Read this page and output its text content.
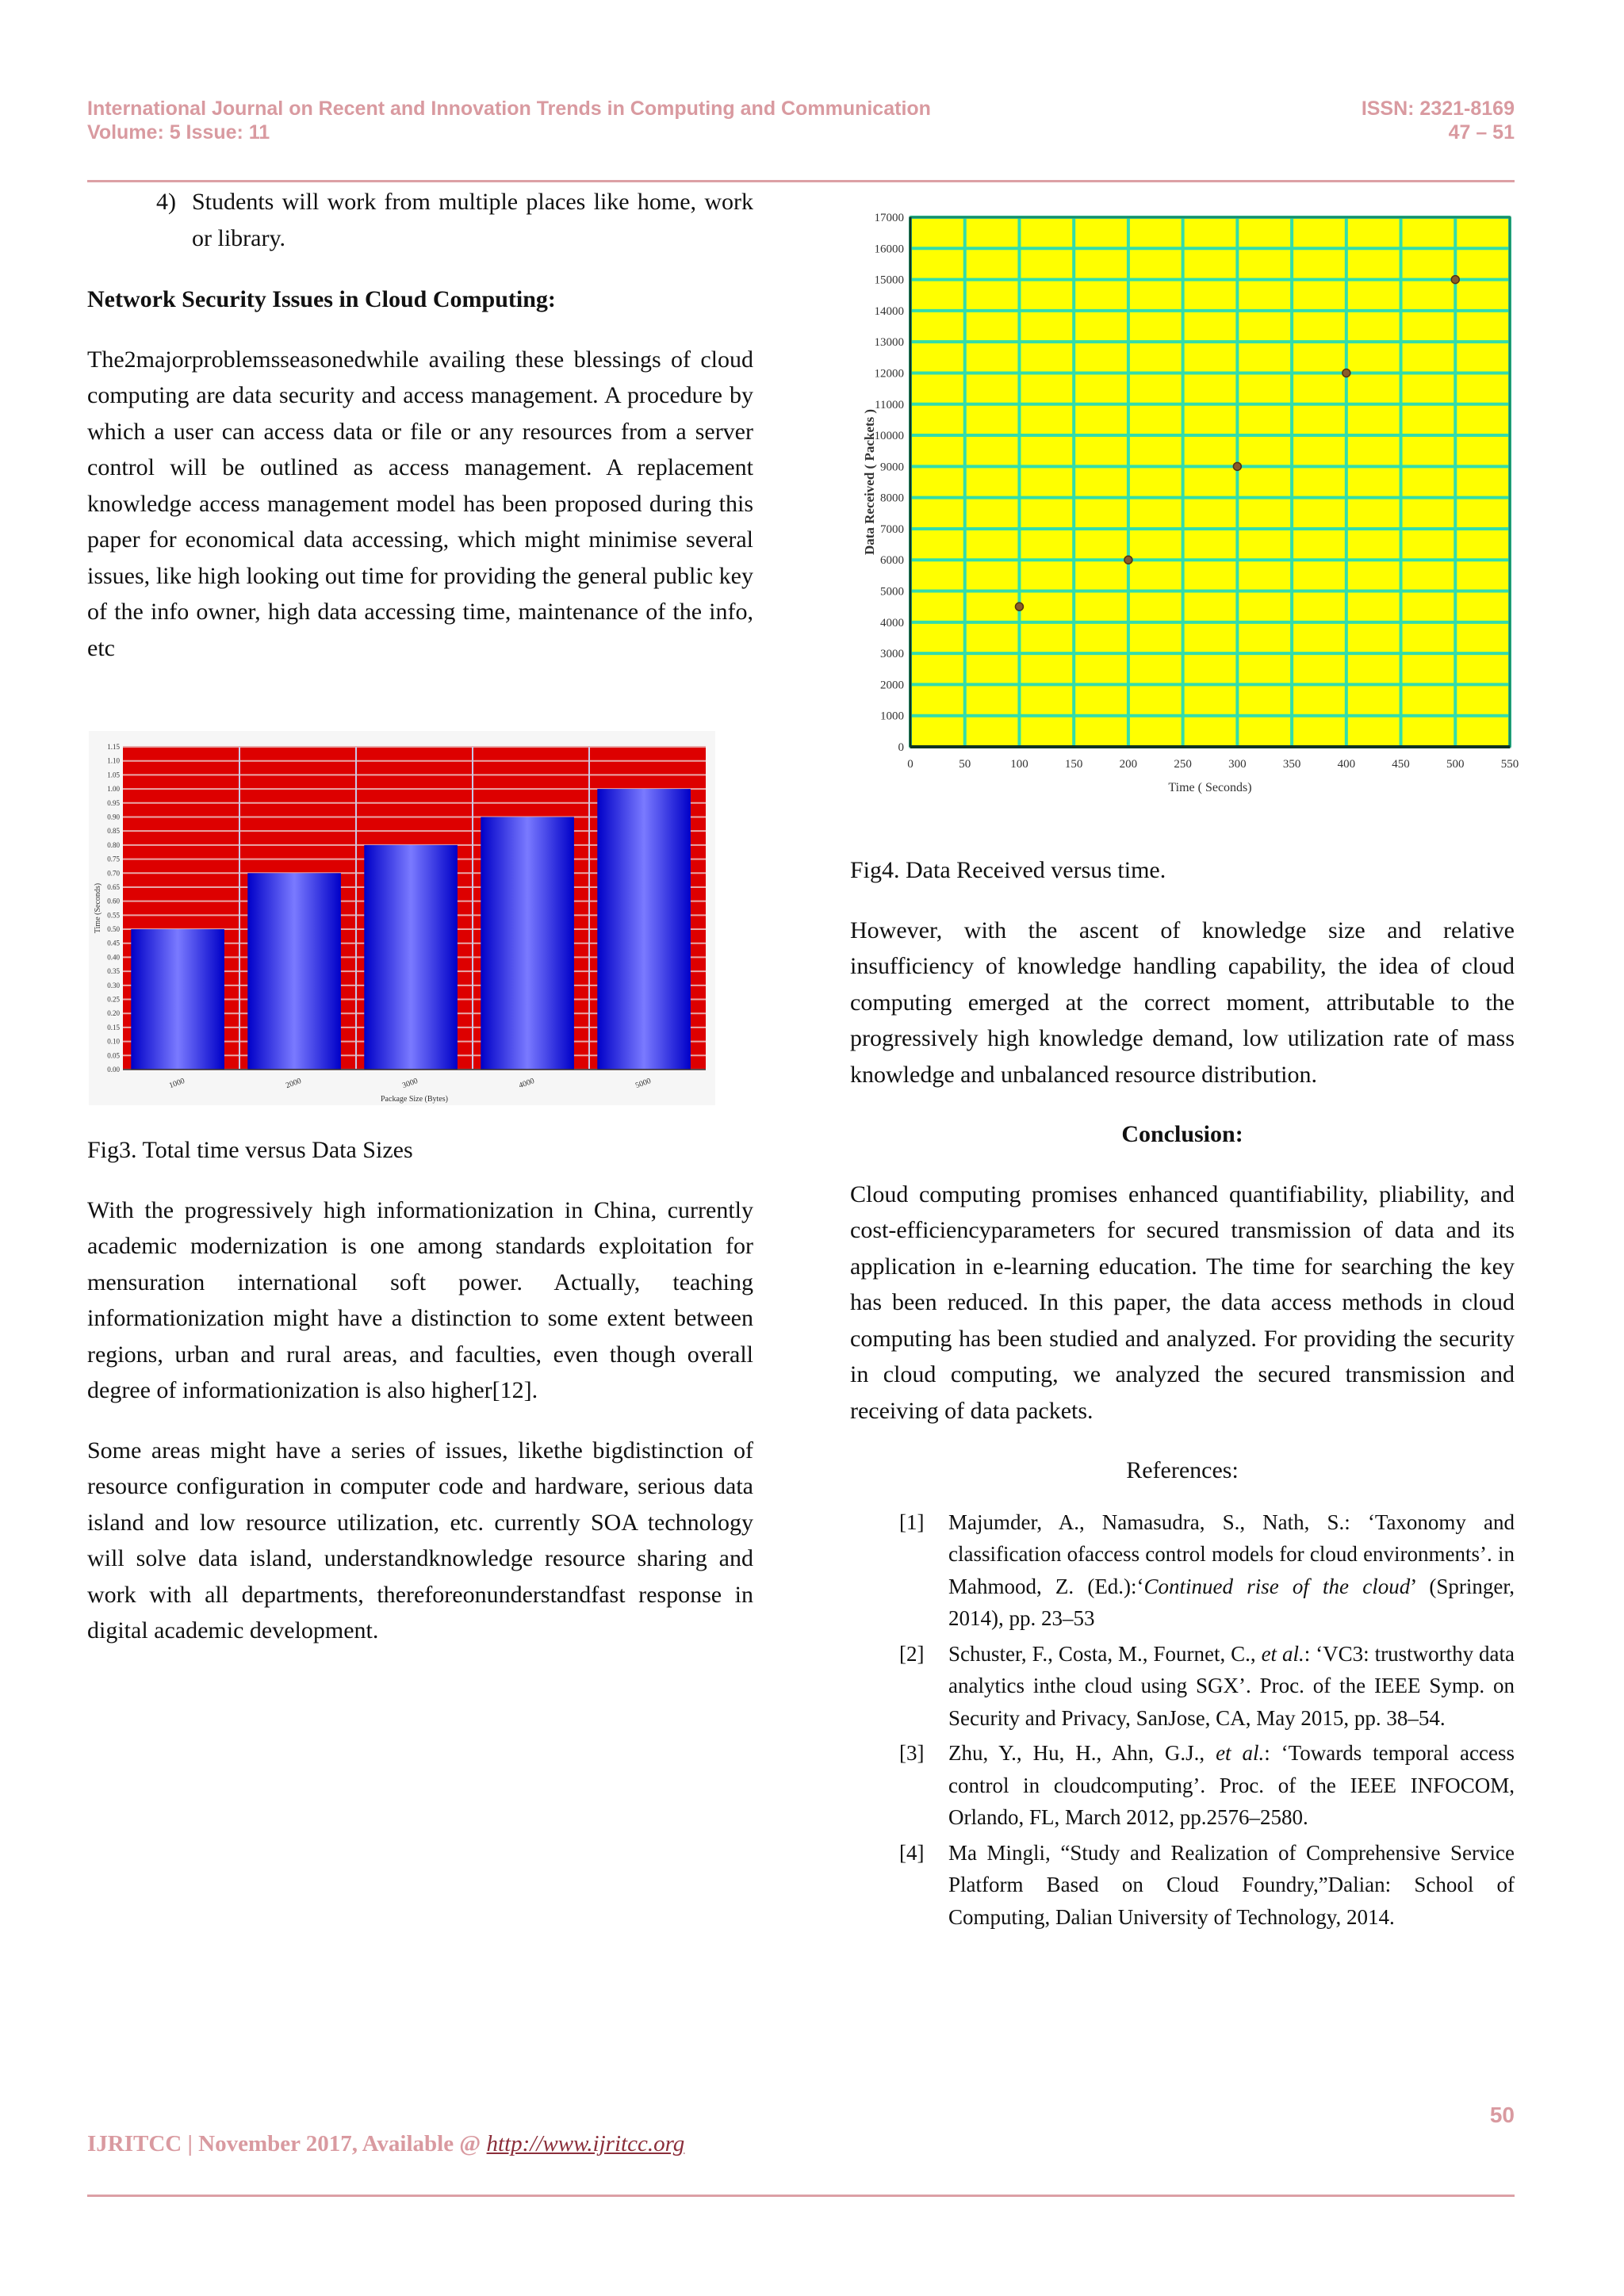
International Journal on Recent and Innovation Trends in Computing and Communication
Volume: 5 Issue: 11
ISSN: 2321-8169
47 – 51
4) Students will work from multiple places like home, work or library.

Network Security Issues in Cloud Computing:

The2majorproblemsseasonedwhile availing these blessings of cloud computing are data security and access management. A procedure by which a user can access data or file or any resources from a server control will be outlined as access management. A replacement knowledge access management model has been proposed during this paper for economical data accessing, which might minimise several issues, like high looking out time for providing the general public key of the info owner, high data accessing time, maintenance of the info, etc

0.00
0.05
0.10
0.15
0.20
0.25
0.30
0.35
0.40
0.45
0.50
0.55
0.60
0.65
0.70
0.75
0.80
0.85
0.90
0.95
1.00
1.05
1.10
1.15
1000	2000	3000	4000	5000
Package Size (Bytes)
Time (Seconds)

Fig3. Total time versus Data Sizes

With the progressively high informationization in China, currently academic modernization is one among standards exploitation for mensuration international soft power. Actually, teaching informationization might have a distinction to some extent between regions, urban and rural areas, and faculties, even though overall degree of informationization is also higher[12].

Some areas might have a series of issues, likethe bigdistinction of resource configuration in computer code and hardware, serious data island and low resource utilization, etc. currently SOA technology will solve data island, understandknowledge resource sharing and work with all departments, thereforeonunderstandfast response in digital academic development.

0
1000
2000
3000
4000
5000
6000
7000
8000
9000
10000
11000
12000
13000
14000
15000
16000
17000
0	50	100	150	200	250	300	350	400	450	500	550
Time ( Seconds)
Data Received ( Packets )

Fig4. Data Received versus time.

However, with the ascent of knowledge size and relative insufficiency of knowledge handling capability, the idea of cloud computing emerged at the correct moment, attributable to the progressively high knowledge demand, low utilization rate of mass knowledge and unbalanced resource distribution.

Conclusion:

Cloud computing promises enhanced quantifiability, pliability, and cost-efficiencyparameters for secured transmission of data and its application in e-learning education. The time for searching the key has been reduced. In this paper, the data access methods in cloud computing has been studied and analyzed. For providing the security in cloud computing, we analyzed the secured transmission and receiving of data packets.

References:

[1]	Majumder, A., Namasudra, S., Nath, S.: ‘Taxonomy and classification ofaccess control models for cloud environments’. in Mahmood, Z. (Ed.):‘Continued rise of the cloud’ (Springer, 2014), pp. 23–53
[2]	Schuster, F., Costa, M., Fournet, C., et al.: ‘VC3: trustworthy data analytics inthe cloud using SGX’. Proc. of the IEEE Symp. on Security and Privacy, SanJose, CA, May 2015, pp. 38–54.
[3]	Zhu, Y., Hu, H., Ahn, G.J., et al.: ‘Towards temporal access control in cloudcomputing’. Proc. of the IEEE INFOCOM, Orlando, FL, March 2012, pp.2576–2580.
[4]	Ma Mingli, “Study and Realization of Comprehensive Service Platform Based on Cloud Foundry,”Dalian: School of Computing, Dalian University of Technology, 2014.
50
IJRITCC | November 2017, Available @ http://www.ijritcc.org
